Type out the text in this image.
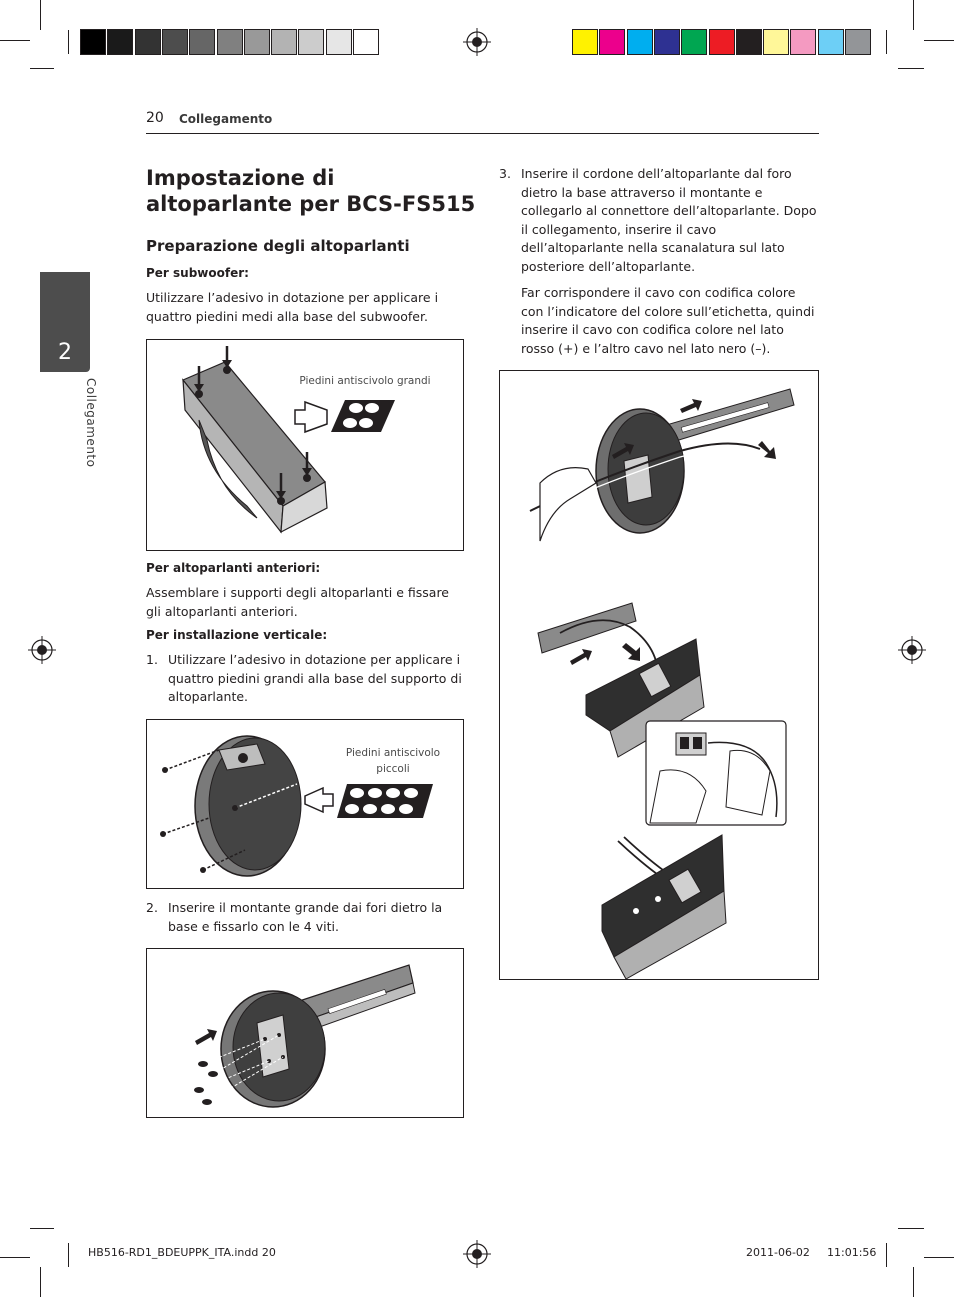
20 Collegamento
2
Collegamento
Impostazione di altoparlante per BCS-FS515
Preparazione degli altoparlanti
Per subwoofer:
Utilizzare l’adesivo in dotazione per applicare i quattro piedini medi alla base del subwoofer.
Piedini antiscivolo grandi
Per altoparlanti anteriori:
Assemblare i supporti degli altoparlanti e fissare gli altoparlanti anteriori.
Per installazione verticale:
1. Utilizzare l’adesivo in dotazione per applicare i quattro piedini grandi alla base del supporto di altoparlante.
Piedini antiscivolo
piccoli
2. Inserire il montante grande dai fori dietro la base e fissarlo con le 4 viti.
3. Inserire il cordone dell’altoparlante dal foro dietro la base attraverso il montante e collegarlo al connettore dell’altoparlante. Dopo il collegamento, inserire il cavo dell’altoparlante nella scanalatura sul lato posteriore dell’altoparlante.
Far corrispondere il cavo con codifica colore con l’indicatore del colore sull’etichetta, quindi inserire il cavo con codifica colore nel lato rosso (+) e l’altro cavo nel lato nero (–).
HB516-RD1_BDEUPPK_ITA.indd 20	2011-06-02 11:01:56
